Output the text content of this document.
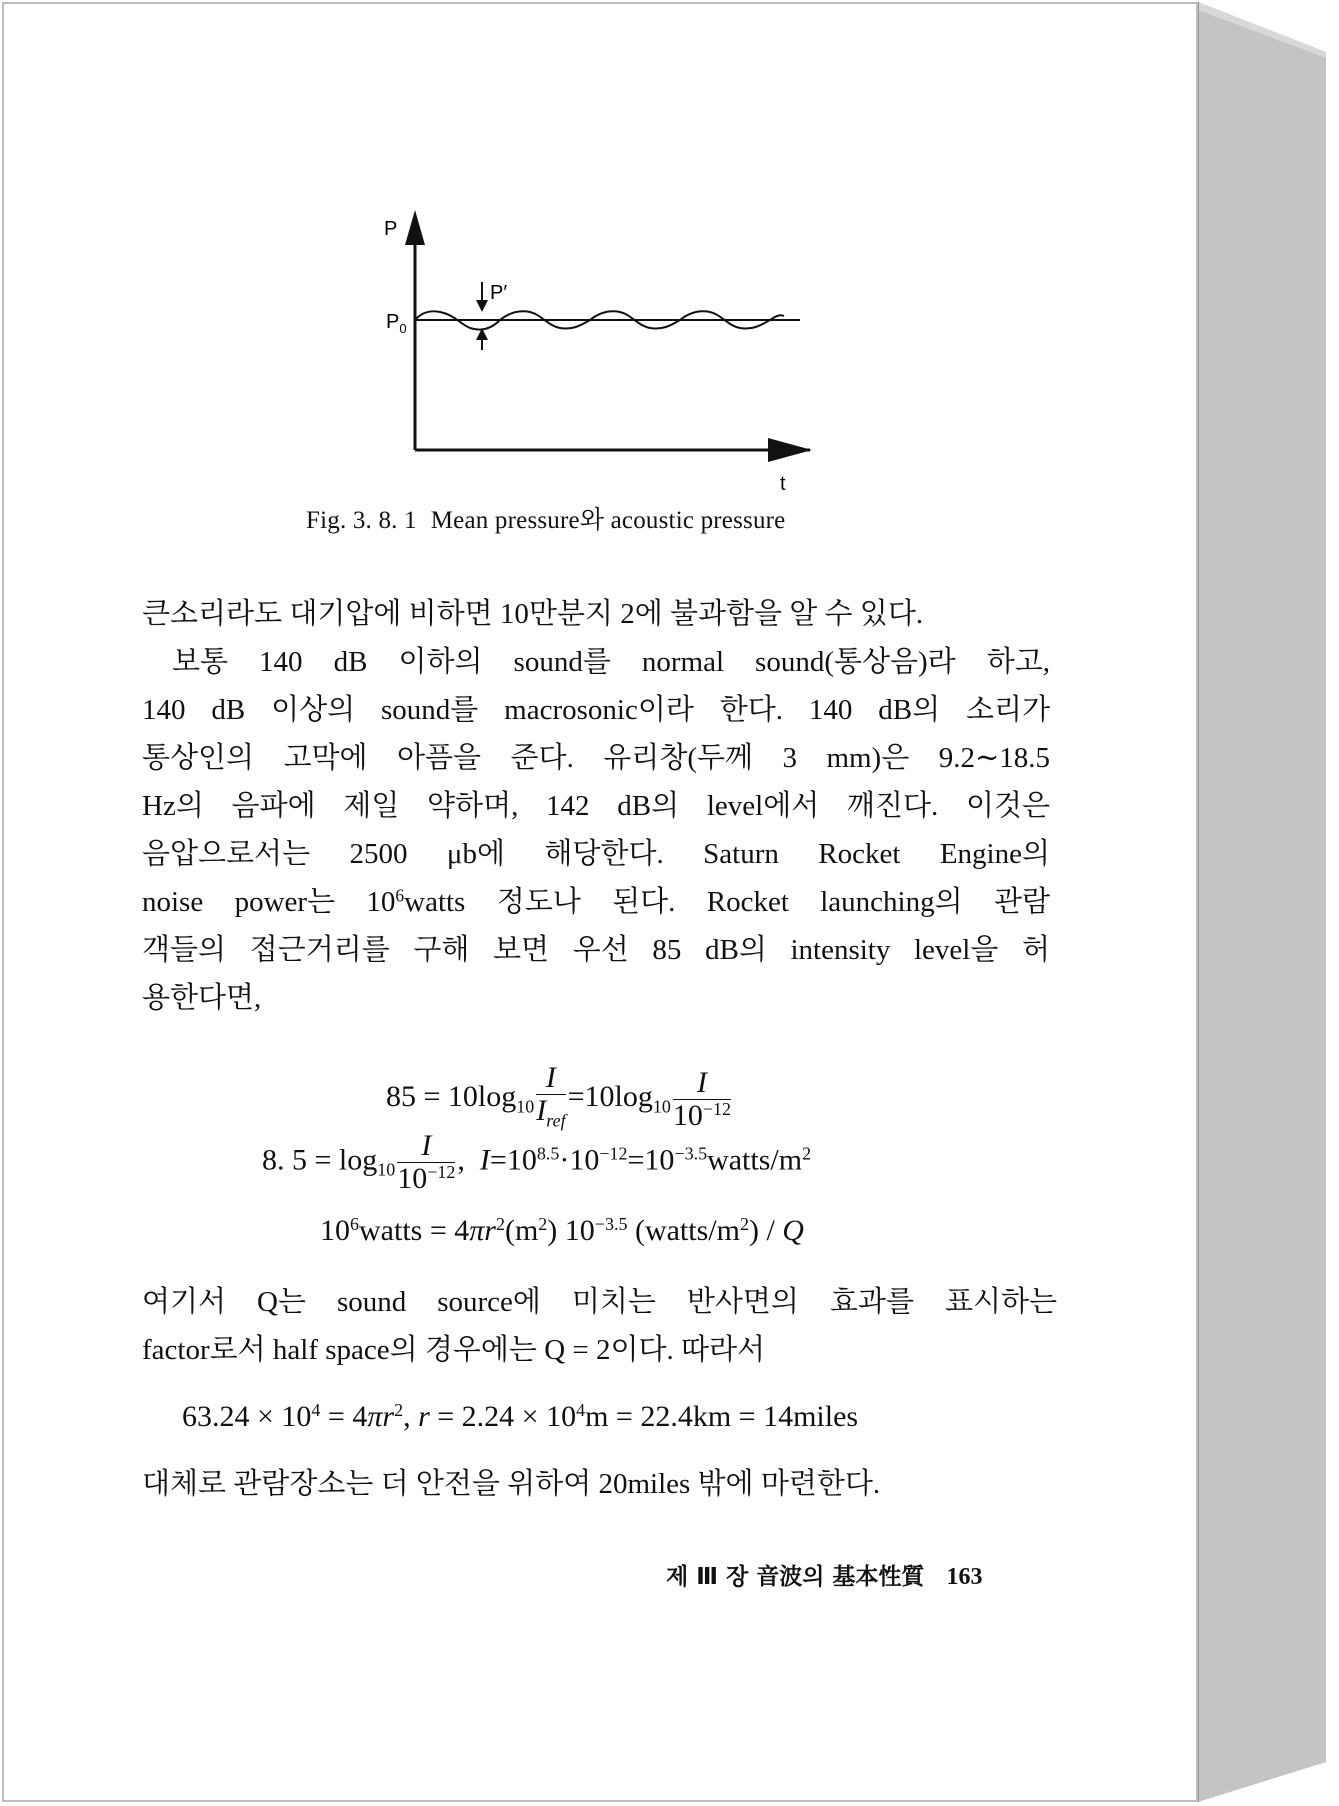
P
t
$P_0$
P′
Fig. 3. 8. 1 Mean pressure와 acoustic pressure
큰소리라도 대기압에 비하면 10만분지 2에 불과함을 알 수 있다.
보통 140 dB 이하의 sound를 normal sound(통상음)라 하고,
140 dB 이상의 sound를 macrosonic이라 한다. 140 dB의 소리가
통상인의 고막에 아픔을 준다. 유리창(두께 3 mm)은 9.2∼18.5
Hz의 음파에 제일 약하며, 142 dB의 level에서 깨진다. 이것은
음압으로서는 2500 μb에 해당한다. Saturn Rocket Engine의
noise power는 $10^6watts$ 정도나 된다. Rocket launching의 관람
객들의 접근거리를 구해 보면 우선 85 dB의 intensity level을 허
용한다면,
$85 = 10\log_{10} \frac{I}{I_{ref}} =10\log_{10} \frac{I}{10^{-12}}$
8. $5 = \log_{10} \frac{I}{10^{-12}}$ , $I=10^{8.5}\cdot 10^{-12}=10^{-3.5}watts/m^2$
$10^6watts = 4\pi r^2(m^2)$ $10^{-3.5}$ $(watts/m^2)$ / Q
여기서 Q는 sound source에 미치는 반사면의 효과를 표시하는
factor로서 half space의 경우에는 Q = 2이다. 따라서
$63.24 \times 10^4 = 4\pi r^2$, $r = 2.24 \times 10^4m = 22.4km$ = 14miles
대체로 관람장소는 더 안전을 위하여 20miles 밖에 마련한다.
제 Ⅲ 장 音波의 基本性質 163
